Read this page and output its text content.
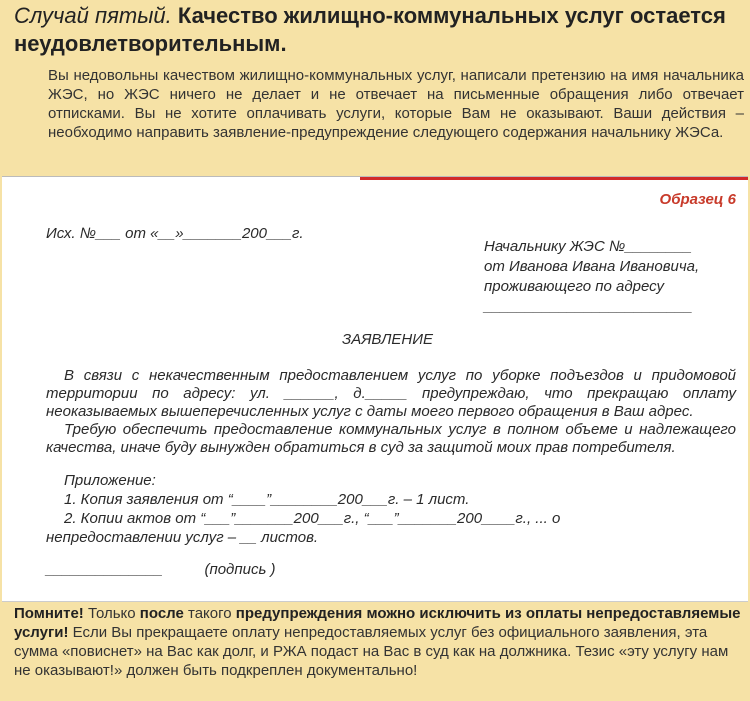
Случай пятый. Качество жилищно-коммунальных услуг остается неудовлетворительным.
Вы недовольны качеством жилищно-коммунальных услуг, написали претензию на имя начальника ЖЭС, но ЖЭС ничего не делает и не отвечает на письменные обращения либо отвечает отписками. Вы не хотите оплачивать услуги, которые Вам не оказывают. Ваши действия – необходимо направить заявление-предупреждение следующего содержания начальнику ЖЭСа.
Образец 6
Исх. №___ от «__»_______200___г.
Начальнику ЖЭС №________
от Иванова Ивана Ивановича,
проживающего по адресу
_________________________
ЗАЯВЛЕНИЕ

В связи с некачественным предоставлением услуг по уборке подъездов и придомовой территории по адресу: ул. ______, д._____ предупреждаю, что прекращаю оплату неоказываемых вышеперечисленных услуг с даты моего первого обращения в Ваш адрес.

Требую обеспечить предоставление коммунальных услуг в полном объеме и надлежащего качества, иначе буду вынужден обратиться в суд за защитой моих прав потребителя.

Приложение:
1. Копия заявления от “____”________200___г. – 1 лист.
2. Копии актов от “___”_______200___г., “___”_______200____г., ... о
непредоставлении услуг – __ листов.
______________          (подпись )
Помните! Только после такого предупреждения можно исключить из оплаты непредоставляемые услуги! Если Вы прекращаете оплату непредоставляемых услуг без официального заявления, эта сумма «повиснет» на Вас как долг, и РЖА подаст на Вас в суд как на должника. Тезис «эту услугу нам не оказывают!» должен быть подкреплен документально!
